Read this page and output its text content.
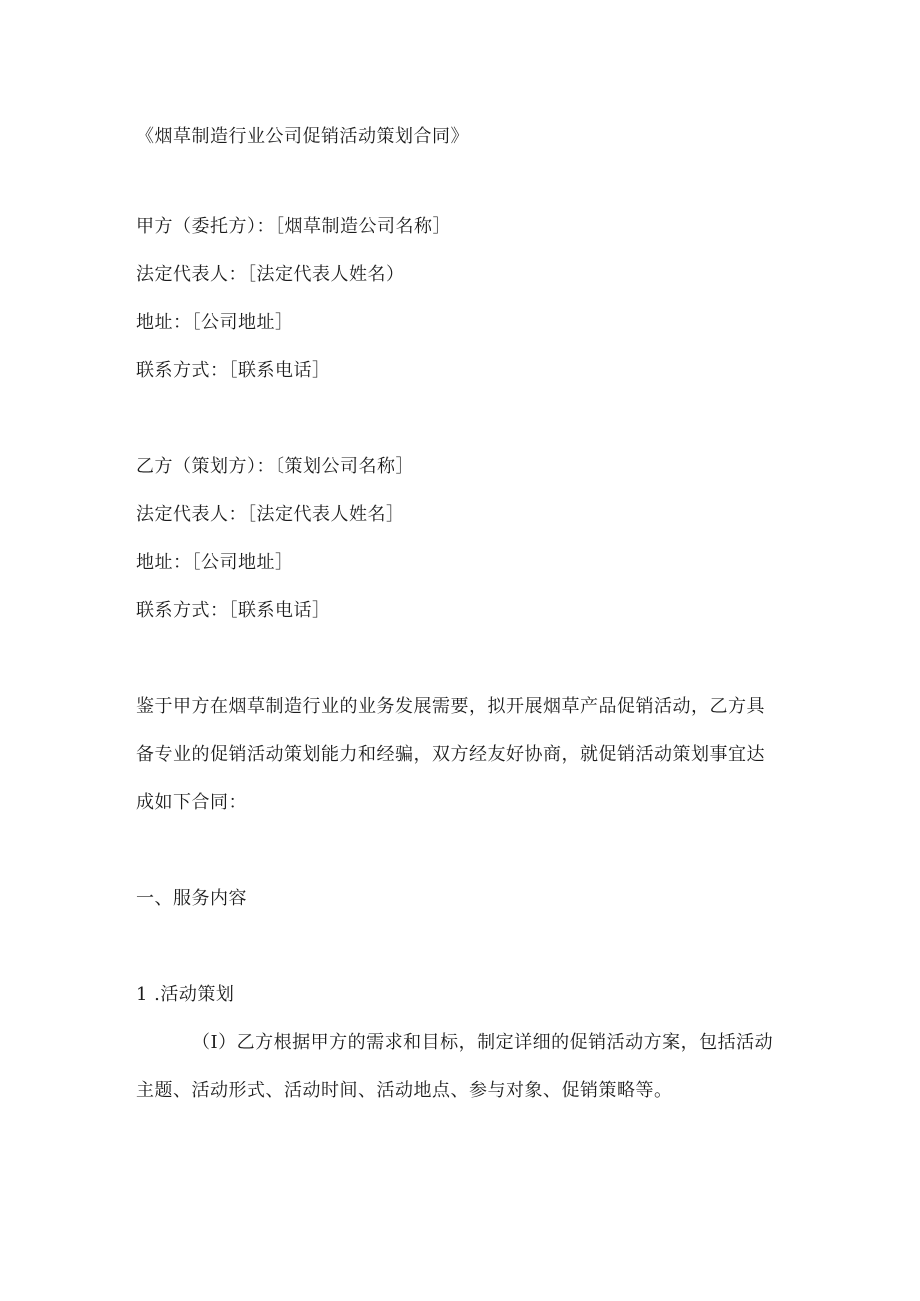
《烟草制造行业公司促销活动策划合同》
甲方（委托方）：［烟草制造公司名称］
法定代表人：［法定代表人姓名）
地址：［公司地址］
联系方式：［联系电话］
乙方（策划方）：〔策划公司名称］
法定代表人：［法定代表人姓名］
地址：［公司地址］
联系方式：［联系电话］
鉴于甲方在烟草制造行业的业务发展需要，拟开展烟草产品促销活动，乙方具
备专业的促销活动策划能力和经骗，双方经友好协商，就促销活动策划事宜达
成如下合同：
一、服务内容
1 .活动策划
（I）乙方根据甲方的需求和目标，制定详细的促销活动方案，包括活动
主题、活动形式、活动时间、活动地点、参与对象、促销策略等。
